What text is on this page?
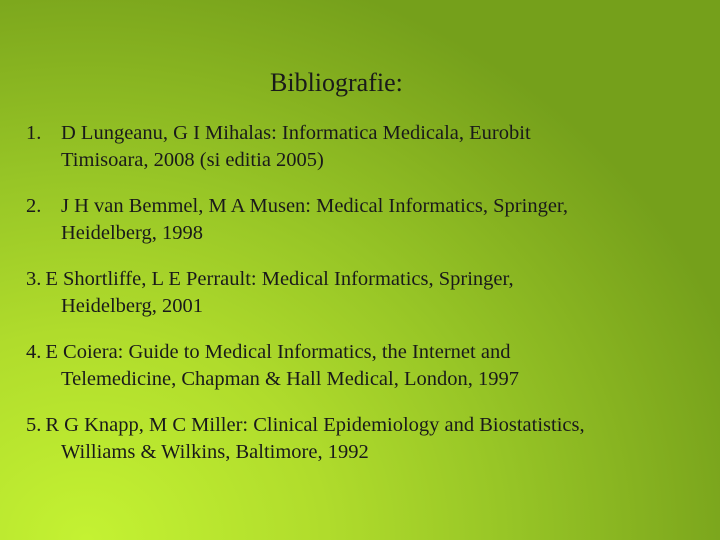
Bibliografie:
1. D Lungeanu, G I Mihalas: Informatica Medicala, Eurobit
Timisoara, 2008 (si editia 2005)
2. J H van Bemmel, M A Musen: Medical Informatics, Springer,
Heidelberg, 1998
3. E Shortliffe, L E Perrault: Medical Informatics, Springer,
Heidelberg, 2001
4. E Coiera: Guide to Medical Informatics, the Internet and
Telemedicine, Chapman & Hall Medical, London, 1997
5. R G Knapp, M C Miller: Clinical Epidemiology and Biostatistics,
Williams & Wilkins, Baltimore, 1992
